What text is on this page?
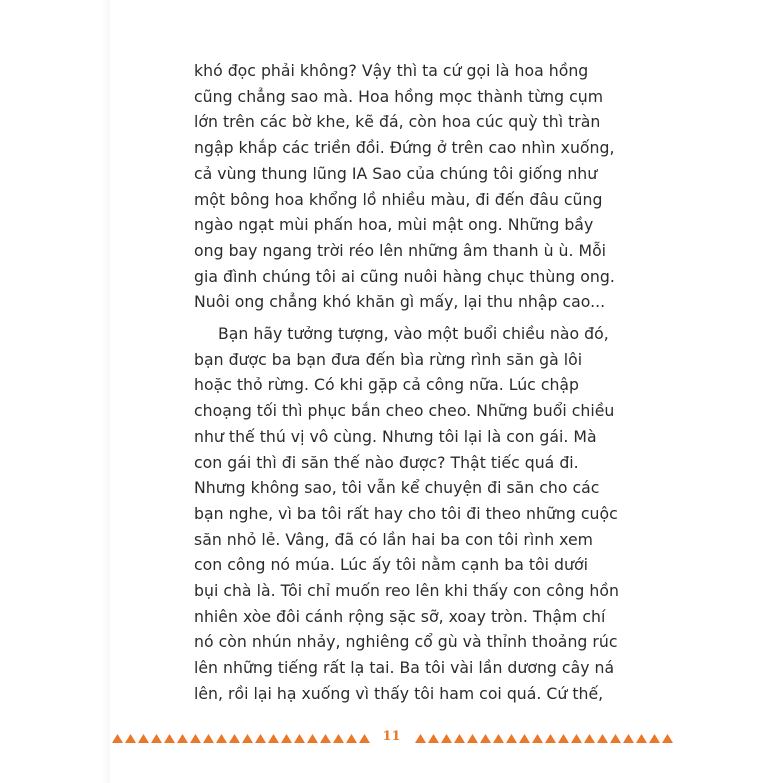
khó đọc phải không? Vậy thì ta cứ gọi là hoa hồng
cũng chẳng sao mà. Hoa hồng mọc thành từng cụm
lớn trên các bờ khe, kẽ đá, còn hoa cúc quỳ thì tràn
ngập khắp các triền đồi. Đứng ở trên cao nhìn xuống,
cả vùng thung lũng IA Sao của chúng tôi giống như
một bông hoa khổng lồ nhiều màu, đi đến đâu cũng
ngào ngạt mùi phấn hoa, mùi mật ong. Những bầy
ong bay ngang trời réo lên những âm thanh ù ù. Mỗi
gia đình chúng tôi ai cũng nuôi hàng chục thùng ong.
Nuôi ong chẳng khó khăn gì mấy, lại thu nhập cao...

Bạn hãy tưởng tượng, vào một buổi chiều nào đó,
bạn được ba bạn đưa đến bìa rừng rình săn gà lôi
hoặc thỏ rừng. Có khi gặp cả công nữa. Lúc chập
choạng tối thì phục bắn cheo cheo. Những buổi chiều
như thế thú vị vô cùng. Nhưng tôi lại là con gái. Mà
con gái thì đi săn thế nào được? Thật tiếc quá đi.
Nhưng không sao, tôi vẫn kể chuyện đi săn cho các
bạn nghe, vì ba tôi rất hay cho tôi đi theo những cuộc
săn nhỏ lẻ. Vâng, đã có lần hai ba con tôi rình xem
con công nó múa. Lúc ấy tôi nằm cạnh ba tôi dưới
bụi chà là. Tôi chỉ muốn reo lên khi thấy con công hồn
nhiên xòe đôi cánh rộng sặc sỡ, xoay tròn. Thậm chí
nó còn nhún nhảy, nghiêng cổ gù và thỉnh thoảng rúc
lên những tiếng rất lạ tai. Ba tôi vài lần dương cây ná
lên, rồi lại hạ xuống vì thấy tôi ham coi quá. Cứ thế,

11
